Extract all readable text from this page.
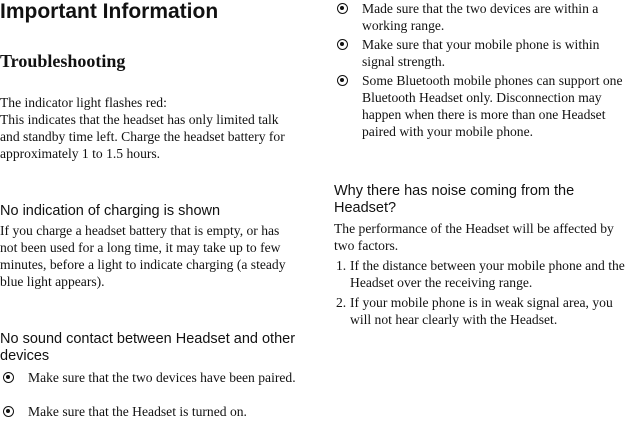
Important Information
Troubleshooting
The indicator light flashes red:
This indicates that the headset has only limited talk and standby time left. Charge the headset battery for approximately 1 to 1.5 hours.
No indication of charging is shown
If you charge a headset battery that is empty, or has not been used for a long time, it may take up to few minutes, before a light to indicate charging (a steady blue light appears).
No sound contact between Headset and other devices
Make sure that the two devices have been paired.
Make sure that the Headset is turned on.
Made sure that the two devices are within a working range.
Make sure that your mobile phone is within signal strength.
Some Bluetooth mobile phones can support one Bluetooth Headset only. Disconnection may happen when there is more than one Headset paired with your mobile phone.
Why there has noise coming from the Headset?
The performance of the Headset will be affected by two factors.
1. If the distance between your mobile phone and the Headset over the receiving range.
2. If your mobile phone is in weak signal area, you will not hear clearly with the Headset.
